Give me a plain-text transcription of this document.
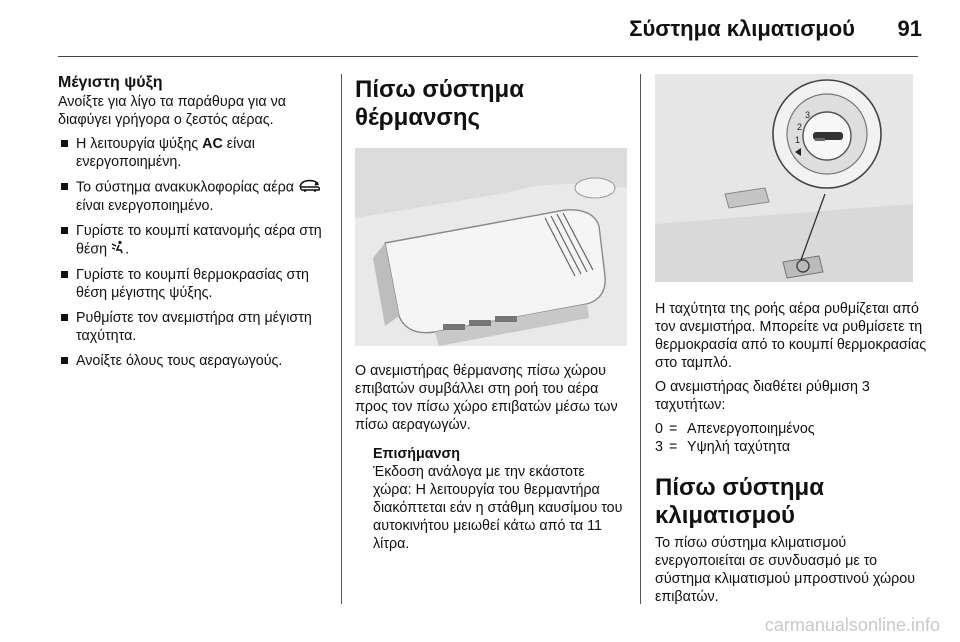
Σύστημα κλιματισμού 91
Μέγιστη ψύξη

Ανοίξτε για λίγο τα παράθυρα για να διαφύγει γρήγορα ο ζεστός αέρας.

Η λειτουργία ψύξης AC είναι ενεργοποιημένη.
Το σύστημα ανακυκλοφορίας αέρα  είναι ενεργοποιημένο.
Γυρίστε το κουμπί κατανομής αέρα στη θέση .
Γυρίστε το κουμπί θερμοκρασίας στη θέση μέγιστης ψύξης.
Ρυθμίστε τον ανεμιστήρα στη μέγιστη ταχύτητα.
Ανοίξτε όλους τους αεραγωγούς.
Πίσω σύστημα θέρμανσης

Ο ανεμιστήρας θέρμανσης πίσω χώρου επιβατών συμβάλλει στη ροή του αέρα προς τον πίσω χώρο επιβατών μέσω των πίσω αεραγωγών.

Επισήμανση
Έκδοση ανάλογα με την εκάστοτε χώρα: Η λειτουργία του θερμαντήρα διακόπτεται εάν η στάθμη καυσίμου του αυτοκινήτου μειωθεί κάτω από τα 11 λίτρα.
3
2
1

Η ταχύτητα της ροής αέρα ρυθμίζεται από τον ανεμιστήρα. Μπορείτε να ρυθμίσετε τη θερμοκρασία από το κουμπί θερμοκρασίας στο ταμπλό.

Ο ανεμιστήρας διαθέτει ρύθμιση 3 ταχυτήτων:

0 = Απενεργοποιημένος
3 = Υψηλή ταχύτητα
Πίσω σύστημα κλιματισμού

Το πίσω σύστημα κλιματισμού ενεργοποιείται σε συνδυασμό με το σύστημα κλιματισμού μπροστινού χώρου επιβατών.

carmanualsonline.info
